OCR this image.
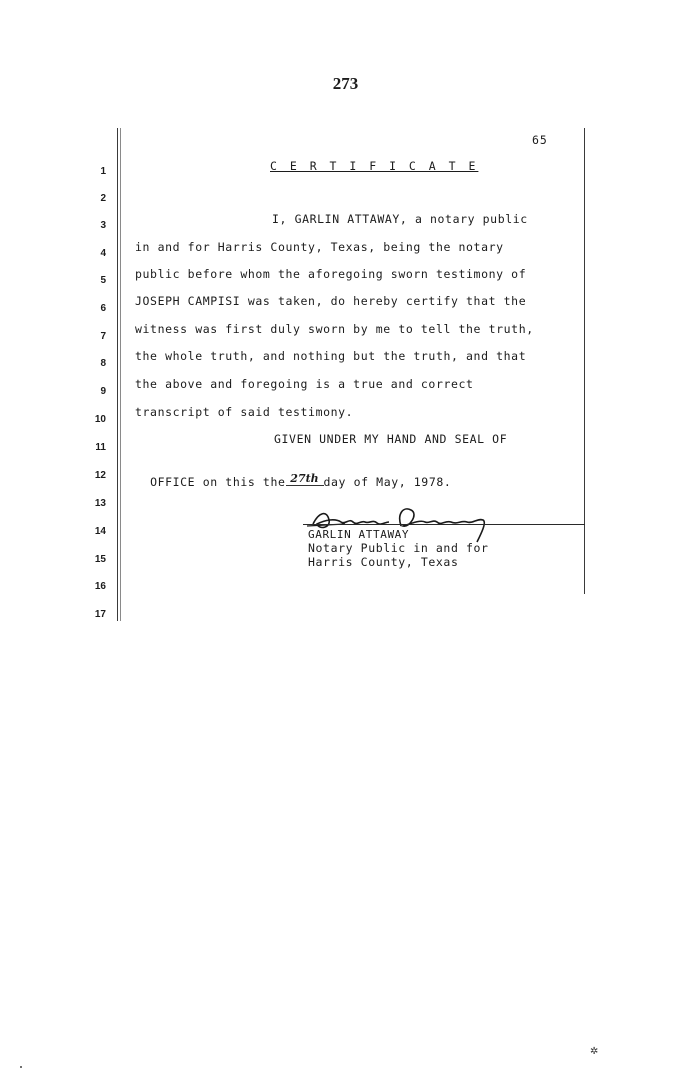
273
65
1
2
3
4
5
6
7
8
9
10
11
12
13
14
15
16
17
C E R T I F I C A T E
I, GARLIN ATTAWAY, a notary public
in and for Harris County, Texas, being the notary
public before whom the aforegoing sworn testimony of
JOSEPH CAMPISI was taken, do hereby certify that the
witness was first duly sworn by me to tell the truth,
the whole truth, and nothing but the truth, and that
the above and foregoing is a true and correct
transcript of said testimony.
GIVEN UNDER MY HAND AND SEAL OF

OFFICE on this the 27th day of May, 1978.

GARLIN ATTAWAY
Notary Public in and for
Harris County, Texas
✲
